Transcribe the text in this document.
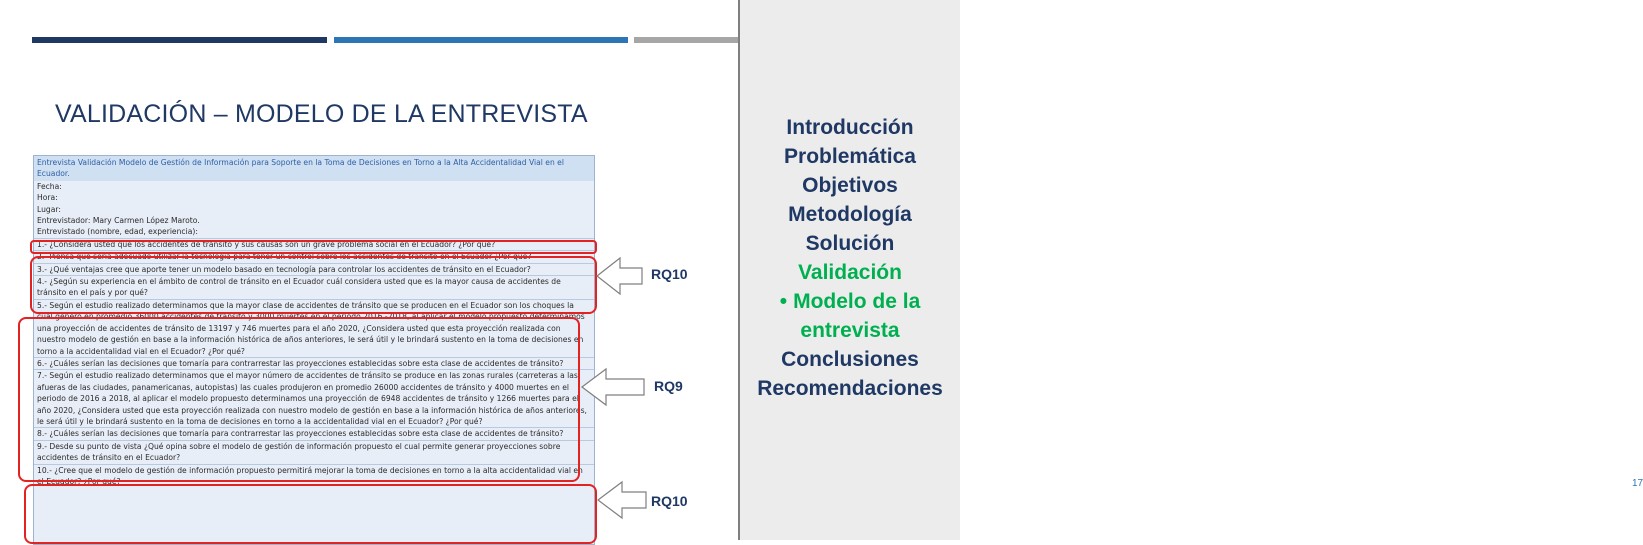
VALIDACIÓN – MODELO DE LA ENTREVISTA
Entrevista Validación Modelo de Gestión de Información para Soporte en la Toma de Decisiones en Torno a la Alta Accidentalidad Vial en el Ecuador.
Fecha:
Hora:
Lugar:
Entrevistador: Mary Carmen López Maroto.
Entrevistado (nombre, edad, experiencia):
1.- ¿Considera usted que los accidentes de tránsito y sus causas son un grave problema social en el Ecuador? ¿Por qué?
2.- Piensa que sería adecuado utilizar la tecnología para tener un control sobre los accidentes de tránsito en el Ecuador ¿Por qué?
3.- ¿Qué ventajas cree que aporte tener un modelo basado en tecnología para controlar los accidentes de tránsito en el Ecuador?
4.- ¿Según su experiencia en el ámbito de control de tránsito en el Ecuador cuál considera usted que es la mayor causa de accidentes de tránsito en el país y por qué?
5.- Según el estudio realizado determinamos que la mayor clase de accidentes de tránsito que se producen en el Ecuador son los choques la cual generó en promedio 36000 accidentes de tránsito y 3000 muertes en el periodo 2016 -2018, al aplicar el modelo propuesto determinamos una proyección de accidentes de tránsito de 13197 y 746 muertes para el año 2020, ¿Considera usted que esta proyección realizada con nuestro modelo de gestión en base a la información histórica de años anteriores, le será útil y le brindará sustento en la toma de decisiones en torno a la accidentalidad vial en el Ecuador? ¿Por qué?
6.- ¿Cuáles serían las decisiones que tomaría para contrarrestar las proyecciones establecidas sobre esta clase de accidentes de tránsito?
7.- Según el estudio realizado determinamos que el mayor número de accidentes de tránsito se produce en las zonas rurales (carreteras a las afueras de las ciudades, panamericanas, autopistas) las cuales produjeron en promedio 26000 accidentes de tránsito y 4000 muertes en el periodo de 2016 a 2018, al aplicar el modelo propuesto determinamos una proyección de 6948 accidentes de tránsito y 1266 muertes para el año 2020, ¿Considera usted que esta proyección realizada con nuestro modelo de gestión en base a la información histórica de años anteriores, le será útil y le brindará sustento en la toma de decisiones en torno a la accidentalidad vial en el Ecuador? ¿Por qué?
8.- ¿Cuáles serían las decisiones que tomaría para contrarrestar las proyecciones establecidas sobre esta clase de accidentes de tránsito?
9.- Desde su punto de vista ¿Qué opina sobre el modelo de gestión de información propuesto el cual permite generar proyecciones sobre accidentes de tránsito en el Ecuador?
10.- ¿Cree que el modelo de gestión de información propuesto permitirá mejorar la toma de decisiones en torno a la alta accidentalidad vial en el Ecuador? ¿Por qué?
RQ10
RQ9
RQ10
Introducción
Problemática
Objetivos
Metodología
Solución
Validación
• Modelo de la entrevista
Conclusiones
Recomendaciones
17
